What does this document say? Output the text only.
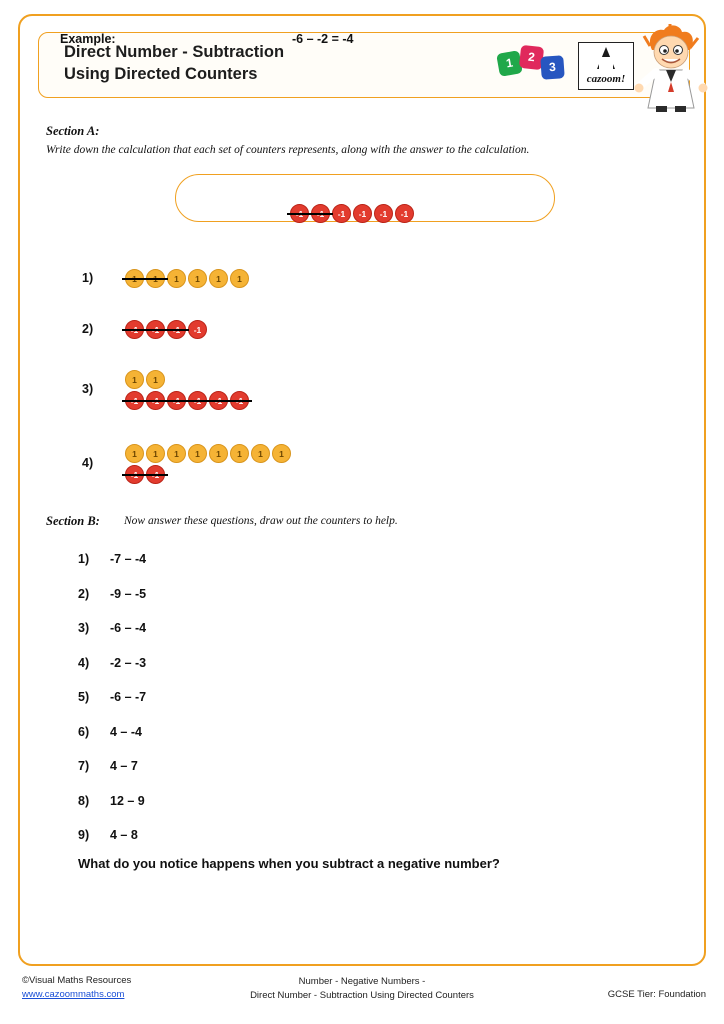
Direct Number - Subtraction
Using Directed Counters
1	2
3
cazoom!
Section A:
Write down the calculation that each set of counters represents, along with the answer to the calculation.
Example:	-6 – -2 = -4
Section B: Now answer these questions, draw out the counters to help.
What do you notice happens when you subtract a negative number?
-1	-1	-1	-1
1)	1	1	1	1
2)	-1
3)
1	1
4)
1	1	1	1	1	1	1	1
1)	-7 – -4
2)	-9 – -5
3)	-6 – -4
4)	-2 – -3
5)	-6 – -7
6)	4 – -4
7)	4 – 7
8)	12 – 9
9)	4 – 8
©Visual Maths Resources
www.cazoommaths.com
Number - Negative Numbers -
Direct Number - Subtraction Using Directed Counters	GCSE Tier: Foundation
